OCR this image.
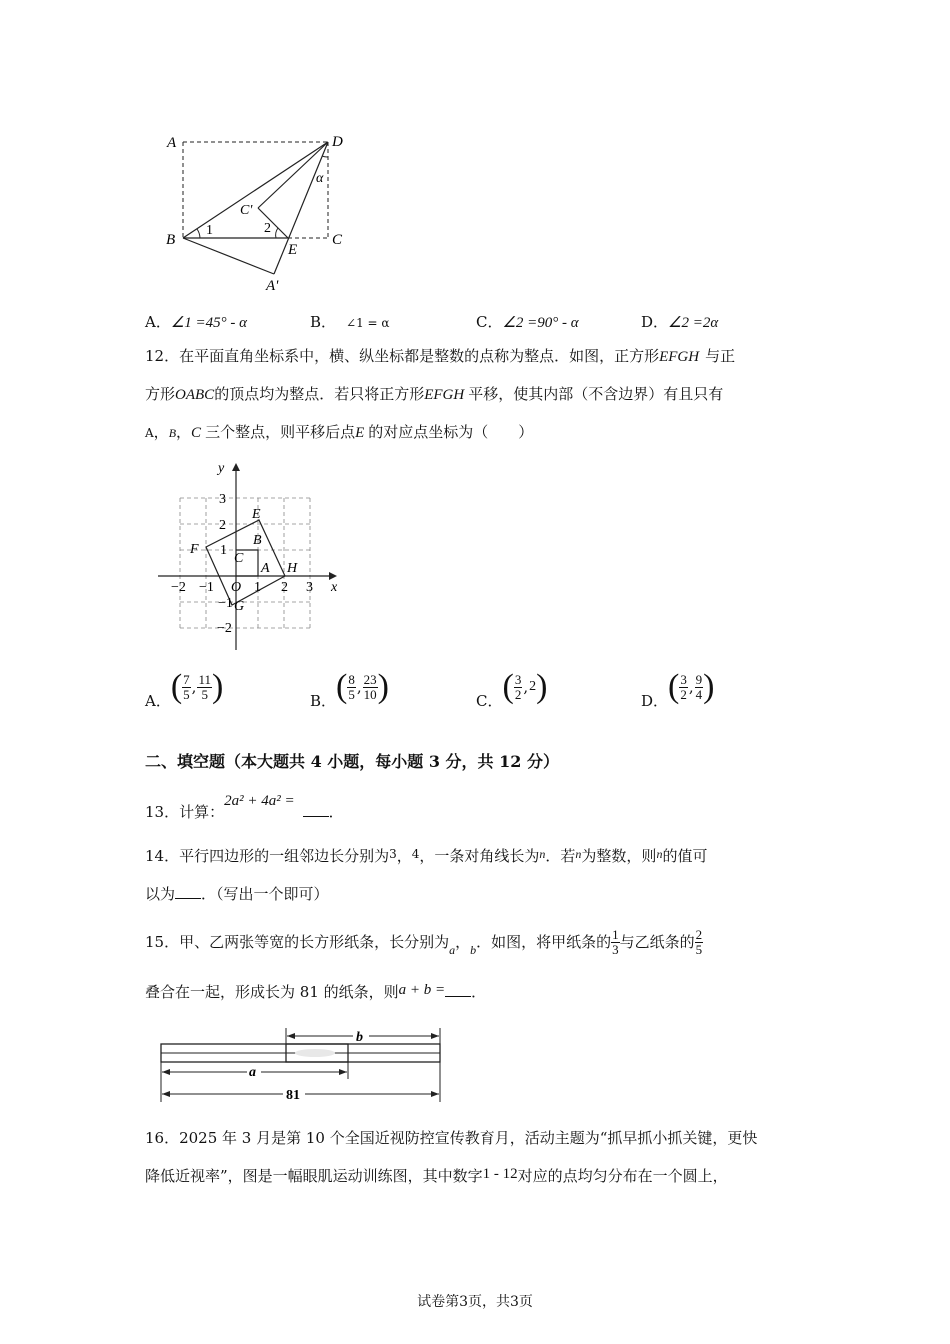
A	D
C'
α
B
1	2
E
C
A'
A．∠1 =45° - α	B． ∠1 = α	C．∠2 =90° - α	D．∠2 =2α
12．在平面直角坐标系中，横、纵坐标都是整数的点称为整点．如图，正方形EFGH 与正
方形OABC的顶点均为整点．若只将正方形EFGH 平移，使其内部（不含边界）有且只有
A，B，C 三个整点，则平移后点E 的对应点坐标为（　　）
y
3
2
E
F 1
C
B
A H
−2 −1 O 1 2 3 x
−1 G
−2
A． ( $\frac{7}{5}$ , $\frac{11}{5}$ )	B． ( $\frac{8}{5}$ , $\frac{23}{10}$ )	C． ( $\frac{3}{2}$ , 2 )	D． ( $\frac{3}{2}$ , $\frac{9}{4}$ )
二、填空题（本大题共 4 小题，每小题 3 分，共 12 分）
13．计算：2a² + 4a² =．
14．平行四边形的一组邻边长分别为$^3$，$^4$，一条对角线长为$^n$．若$^n$为整数，则$^n$的值可
以为 ．（写出一个即可）
15．甲、乙两张等宽的长方形纸条，长分别为 a ， b ．如图，将甲纸条的 $\frac{1}{3}$ 与乙纸条的 $\frac{2}{5}$
叠合在一起，形成长为 81 的纸条，则a + b = ．
b
a
81
16．2025 年 3 月是第 10 个全国近视防控宣传教育月，活动主题为“抓早抓小抓关键，更快
降低近视率”，图是一幅眼肌运动训练图，其中数字1 - 12对应的点均匀分布在一个圆上，
试卷第3页，共3页
